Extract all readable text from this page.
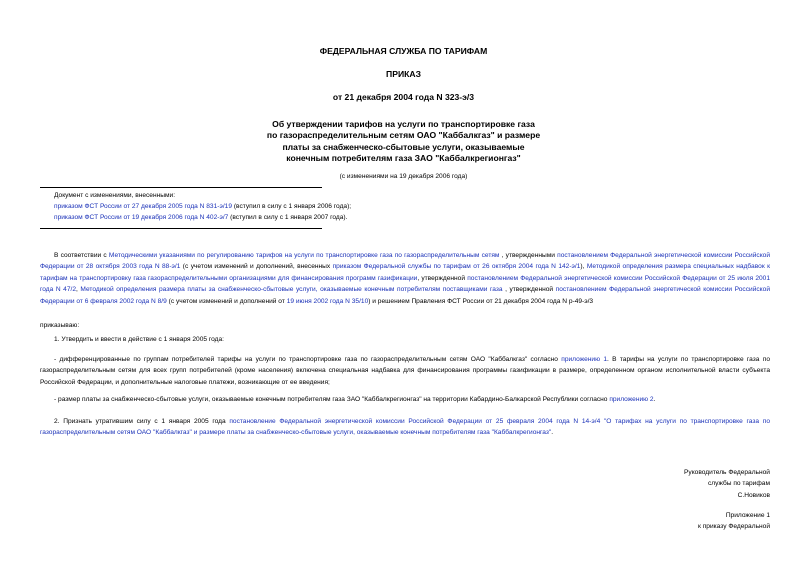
ФЕДЕРАЛЬНАЯ СЛУЖБА ПО ТАРИФАМ
ПРИКАЗ
от 21 декабря 2004 года N 323-э/3
Об утверждении тарифов на услуги по транспортировке газа
по газораспределительным сетям ОАО "Каббалкгаз" и размере
платы за снабженческо-сбытовые услуги, оказываемые
конечным потребителям газа ЗАО "Каббалкрегионгаз"
(с изменениями на 19 декабря 2006 года)
Документ с изменениями, внесенными:
приказом ФСТ России от 27 декабря 2005 года N 831-э/19 (вступил в силу с 1 января 2006 года);
приказом ФСТ России от 19 декабря 2006 года N 402-э/7 (вступил в силу с 1 января 2007 года).
В соответствии с Методическими указаниями по регулированию тарифов на услуги по транспортировке газа по газораспределительным сетям , утвержденными постановлением Федеральной энергетической комиссии Российской Федерации от 28 октября 2003 года N 88-э/1 (с учетом изменений и дополнений, внесенных приказом Федеральной службы по тарифам от 26 октября 2004 года N 142-э/1), Методикой определения размера специальных надбавок к тарифам на транспортировку газа газораспределительными организациями для финансирования программ газификации, утвержденной постановлением Федеральной энергетической комиссии Российской Федерации от 25 июля 2001 года N 47/2, Методикой определения размера платы за снабженческо-сбытовые услуги, оказываемые конечным потребителям поставщиками газа , утвержденной постановлением Федеральной энергетической комиссии Российской Федерации от 6 февраля 2002 года N 8/9 (с учетом изменений и дополнений от 19 июня 2002 года N 35/10) и решением Правления ФСТ России от 21 декабря 2004 года N р-49-э/3
приказываю:
1. Утвердить и ввести в действие с 1 января 2005 года:
- дифференцированные по группам потребителей тарифы на услуги по транспортировке газа по газораспределительным сетям ОАО "Каббалкгаз" согласно приложению 1. В тарифы на услуги по транспортировке газа по газораспределительным сетям для всех групп потребителей (кроме населения) включена специальная надбавка для финансирования программы газификации в размере, определенном органом исполнительной власти субъекта Российской Федерации, и дополнительные налоговые платежи, возникающие от ее введения;
- размер платы за снабженческо-сбытовые услуги, оказываемые конечным потребителям газа ЗАО "Каббалкрегионгаз" на территории Кабардино-Балкарской Республики согласно приложению 2.
2. Признать утратившим силу с 1 января 2005 года постановление Федеральной энергетической комиссии Российской Федерации от 25 февраля 2004 года N 14-э/4 "О тарифах на услуги по транспортировке газа по газораспределительным сетям ОАО "Каббалкгаз" и размере платы за снабженческо-сбытовые услуги, оказываемые конечным потребителям газа "Каббалкрегионгаз".
Руководитель Федеральной
службы по тарифам
С.Новиков
Приложение 1
к приказу Федеральной
